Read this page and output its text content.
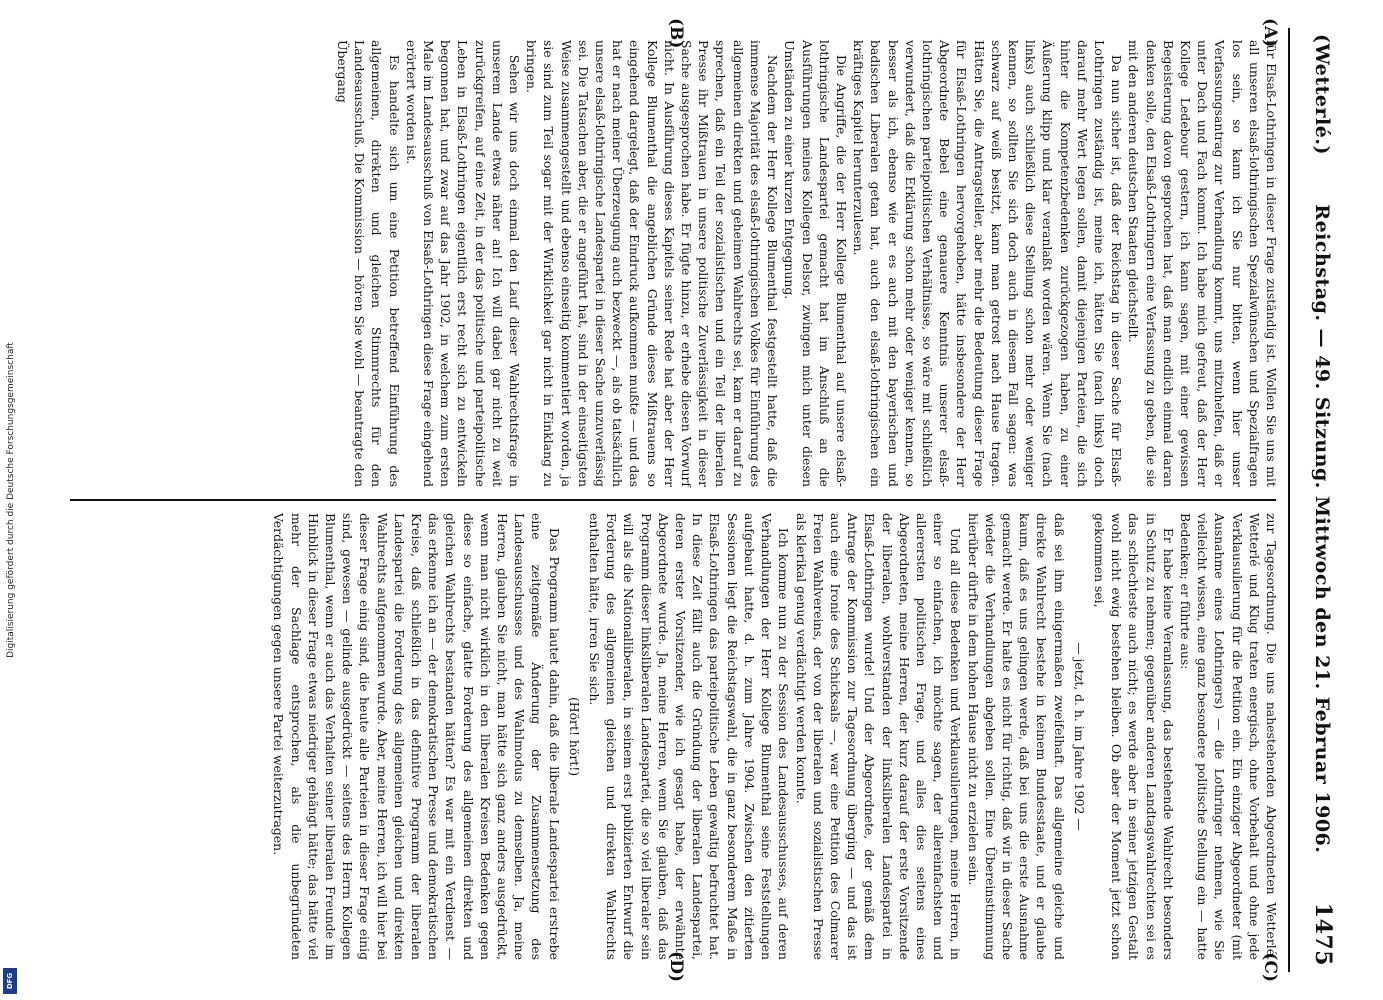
Digitalisierung gefördert durch die Deutsche Forschungsgemeinschaft
DFG
(Wetterlé.)
Reichstag. — 49. Sitzung. Mittwoch den 21. Februar 1906.
1475
(A)
(B)
(C)
(D)

für Elsaß-Lothringen in dieser Frage zuständig ist. Wollen Sie uns mit all unseren elsaß-lothringischen Spezialwünschen und Spezialfragen los sein, so kann ich Sie nur bitten, wenn hier unser Verfassungsantrag zur Verhandlung kommt, uns mitzuhelfen, daß er unter Dach und Fach kommt. Ich habe mich gefreut, daß der Herr Kollege Ledebour gestern, ich kann sagen, mit einer gewissen Begeisterung davon gesprochen hat, daß man endlich einmal daran denken solle, den Elsaß-Lothringern eine Verfassung zu geben, die sie mit den anderen deutschen Staaten gleichstellt.

Da nun sicher ist, daß der Reichstag in dieser Sache für Elsaß-Lothringen zuständig ist, meine ich, hätten Sie (nach links) doch darauf mehr Wert legen sollen, damit diejenigen Parteien, die sich hinter die Kompetenzbedenken zurückgezogen haben, zu einer Äußerung klipp und klar veranlaßt worden wären. Wenn Sie (nach links) auch schließlich diese Stellung schon mehr oder weniger kennen, so sollten Sie sich doch auch in diesem Fall sagen: was schwarz auf weiß besitzt, kann man getrost nach Hause tragen. Hätten Sie, die Antragsteller, aber mehr die Bedeutung dieser Frage für Elsaß-Lothringen hervorgehoben, hätte insbesondere der Herr Abgeordnete Bebel eine genauere Kenntnis unserer elsaß-lothringischen parteipolitischen Verhältnisse, so wäre mit schließlich verwundert, daß die Erklärung schon mehr oder weniger kennen, so besser als ich, ebenso wie er es auch mit den bayerischen und badischen Liberalen getan hat, auch den elsaß-lothringischen ein kräftiges Kapitel herunterzulesen.

Die Angriffe, die der Herr Kollege Blumenthal auf unsere elsaß-lothringische Landespartei gemacht hat im Anschluß an die Ausführungen meines Kollegen Delsor, zwingen mich unter diesen Umständen zu einer kurzen Entgegnung.

Nachdem der Herr Kollege Blumenthal festgestellt hatte, daß die immense Majorität des elsaß-lothringischen Volkes für Einführung des allgemeinen direkten und geheimen Wahlrechts sei, kam er darauf zu sprechen, daß ein Teil der sozialistischen und ein Teil der liberalen Presse ihr Mißtrauen in unsere politische Zuverlässigkeit in dieser Sache ausgesprochen habe. Er fügte hinzu, er erhebe diesen Vorwurf nicht. In Ausführung dieses Kapitels seiner Rede hat aber der Herr Kollege Blumenthal die angeblichen Gründe dieses Mißtrauens so eingehend dargelegt, daß der Eindruck aufkommen mußte — und das hat er nach meiner Überzeugung auch bezweckt —, als ob tatsächlich unsere elsaß-lothringische Landespartei in dieser Sache unzuverlässig sei. Die Tatsachen aber, die er angeführt hat, sind in der einseitigsten Weise zusammengestellt und ebenso einseitig kommentiert worden, ja sie sind zum Teil sogar mit der Wirklichkeit gar nicht in Einklang zu bringen.

Sehen wir uns doch einmal den Lauf dieser Wahlrechtsfrage in unserem Lande etwas näher an! Ich will dabei gar nicht zu weit zurückgreifen, auf eine Zeit, in der das politische und parteipolitische Leben in Elsaß-Lothringen eigentlich erst recht sich zu entwickeln begonnen hat, und zwar auf das Jahr 1902, in welchem zum ersten Male im Landesausschuß von Elsaß-Lothringen diese Frage eingehend erörtert worden ist.

Es handelte sich um eine Petition betreffend Einführung des allgemeinen, direkten und gleichen Stimmrechts für den Landesausschuß. Die Kommission — hören Sie wohl — beantragte den Übergang

zur Tagesordnung. Die uns nahestehenden Abgeordneten Wetterlé, Wetterlé und Klug traten energisch, ohne Vorbehalt und ohne jede Verklausulierung für die Petition ein. Ein einziger Abgeordneter (mit Ausnahme eines Lothringers) — die Lothringer nehmen, wie Sie vielleicht wissen, eine ganz besondere politische Stellung ein — hatte Bedenken; er führte aus:

Er habe keine Veranlassung, das bestehende Wahlrecht besonders in Schutz zu nehmen; gegenüber anderen Landtagswahlrechten sei es das schlechteste auch nicht; es werde aber in seiner jetzigen Gestalt wohl nicht ewig bestehen bleiben. Ob aber der Moment jetzt schon gekommen sei,

— jetzt, d. h. im Jahre 1902 —

daß sei ihm einigermaßen zweifelhaft. Das allgemeine gleiche und direkte Wahlrecht bestehe in keinem Bundesstaate, und er glaube kaum, daß es uns gelingen werde, daß bei uns die erste Ausnahme gemacht werde. Er halte es nicht für richtig, daß wir in dieser Sache wieder die Verhandlungen abgeben sollen. Eine Übereinstimmung hierüber dürfte in dem hohen Hause nicht zu erzielen sein.

Und all diese Bedenken und Verklausulierungen, meine Herren, in einer so einfachen, ich möchte sagen, der allereinfachsten und allerersten politischen Frage, und alles dies seitens eines Abgeordneten, meine Herren, der kurz darauf der erste Vorsitzende der liberalen, wohlverstanden der linksliberalen Landespartei in Elsaß-Lothringen wurde! Und der Abgeordnete, der gemäß dem Antrage der Kommission zur Tagesordnung überging — und das ist auch eine Ironie des Schicksals —, war eine Petition des Colmarer Freien Wahlvereins, der von der liberalen und sozialistischen Presse als klerikal genug verdächtigt werden konnte.

Ich komme nun zu der Session des Landesausschusses, auf deren Verhandlungen der Herr Kollege Blumenthal seine Feststellungen aufgebaut hatte, d. h. zum Jahre 1904. Zwischen den zitierten Sessionen liegt die Reichstagswahl, die in ganz besonderem Maße in Elsaß-Lothringen das parteipolitische Leben gewaltig befruchtet hat. In diese Zeit fällt auch die Gründung der liberalen Landespartei, deren erster Vorsitzender, wie ich gesagt habe, der erwähnte Abgeordnete wurde. Ja, meine Herren, wenn Sie glauben, daß das Programm dieser linksliberalen Landespartei, die so viel liberaler sein will als die Nationalliberalen, in seinem erst publizierten Entwurf die Forderung des allgemeinen gleichen und direkten Wahlrechts enthalten hätte, irren Sie sich.

(Hört! hört!)

Das Programm lautet dahin, daß die liberale Landespartei erstrebe eine zeitgemäße Änderung der Zusammensetzung des Landesausschusses und des Wahlmodus zu demselben. Ja, meine Herren, glauben Sie nicht, man hätte sich ganz anders ausgedrückt, wenn man nicht wirklich in den liberalen Kreisen Bedenken gegen diese so einfache, glatte Forderung des allgemeinen direkten und gleichen Wahlrechts bestanden hätten? Es war mit ein Verdienst — das erkenne ich an — der demokratischen Presse und demokratischen Kreise, daß schließlich in das definitive Programm der liberalen Landespartei die Forderung des allgemeinen gleichen und direkten Wahlrechts aufgenommen wurde. Aber, meine Herren, ich will hier bei dieser Frage einig sind, die heute alle Parteien in dieser Frage einig sind, gewesen — gelinde ausgedrückt — seitens des Herrn Kollegen Blumenthal, wenn er auch das Verhalten seiner liberalen Freunde im Hinblick in dieser Frage etwas niedriger gehängt hätte; das hätte viel mehr der Sachlage entsprochen, als die unbegründeten Verdächtigungen gegen unsere Partei weiterzutragen.
